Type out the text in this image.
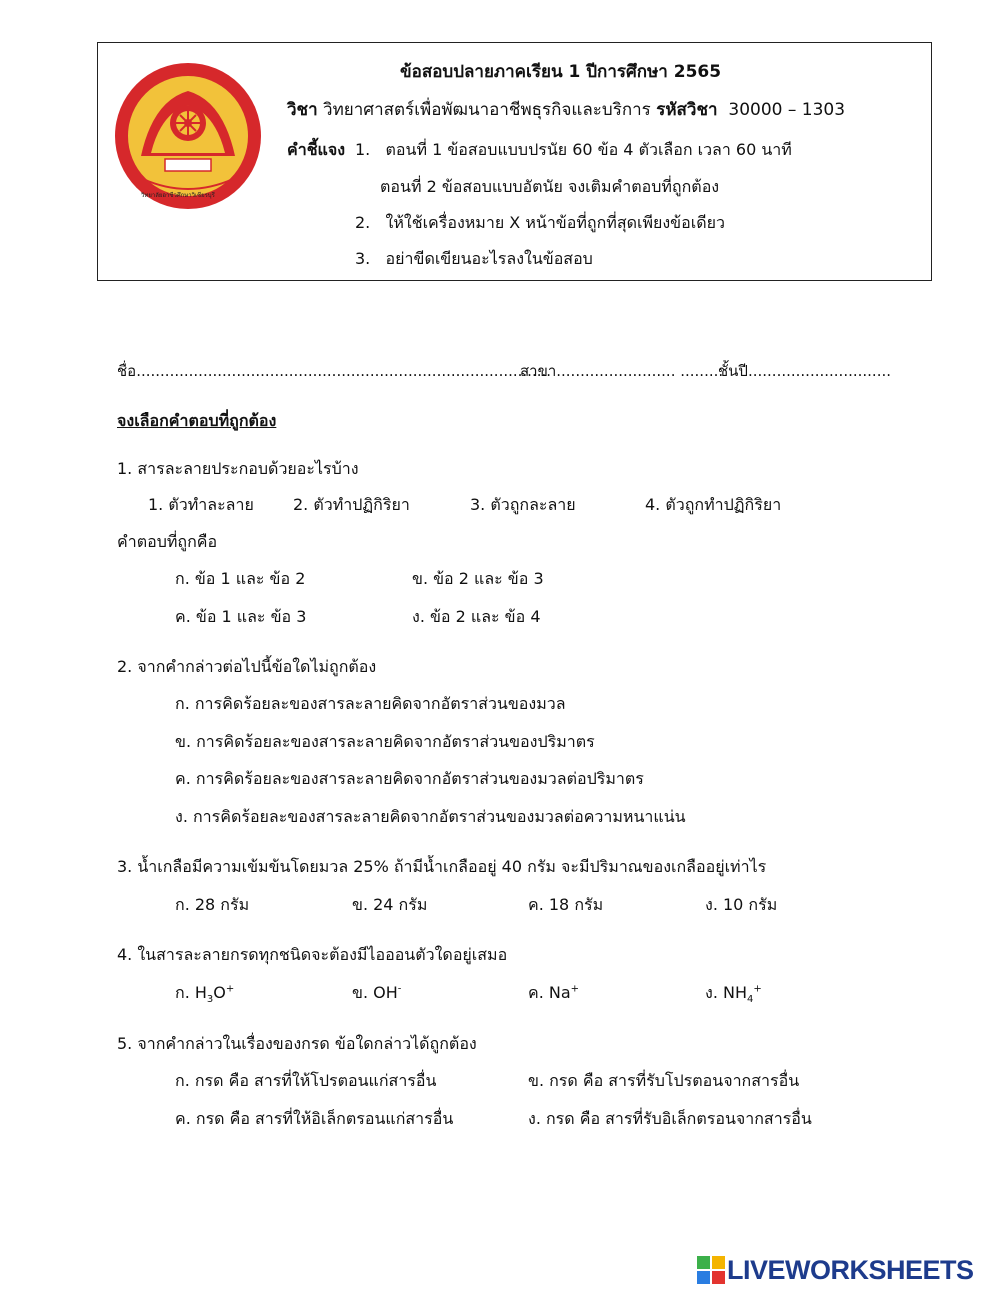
วิทยาลัยอาชีวศึกษาวิเชียรบุรี
ข้อสอบปลายภาคเรียน 1 ปีการศึกษา 2565
วิชา วิทยาศาสตร์เพื่อพัฒนาอาชีพธุรกิจและบริการ รหัสวิชา 30000 – 1303
คำชี้แจง 1. ตอนที่ 1 ข้อสอบแบบปรนัย 60 ข้อ 4 ตัวเลือก เวลา 60 นาที
ตอนที่ 2 ข้อสอบแบบอัตนัย จงเติมคำตอบที่ถูกต้อง
2. ให้ใช้เครื่องหมาย X หน้าข้อที่ถูกที่สุดเพียงข้อเดียว
3. อย่าขีดเขียนอะไรลงในข้อสอบ
ชื่อ.......................................................................................
สาขา......................... .........
ชั้นปี..............................
จงเลือกคำตอบที่ถูกต้อง
1. สารละลายประกอบด้วยอะไรบ้าง
1. ตัวทำละลาย 2. ตัวทำปฏิกิริยา	3. ตัวถูกละลาย	4. ตัวถูกทำปฏิกิริยา
คำตอบที่ถูกคือ
ก. ข้อ 1 และ ข้อ 2	ข. ข้อ 2 และ ข้อ 3
ค. ข้อ 1 และ ข้อ 3	ง. ข้อ 2 และ ข้อ 4
2. จากคำกล่าวต่อไปนี้ข้อใดไม่ถูกต้อง
ก. การคิดร้อยละของสารละลายคิดจากอัตราส่วนของมวล
ข. การคิดร้อยละของสารละลายคิดจากอัตราส่วนของปริมาตร
ค. การคิดร้อยละของสารละลายคิดจากอัตราส่วนของมวลต่อปริมาตร
ง. การคิดร้อยละของสารละลายคิดจากอัตราส่วนของมวลต่อความหนาแน่น
3. น้ำเกลือมีความเข้มข้นโดยมวล 25% ถ้ามีน้ำเกลืออยู่ 40 กรัม จะมีปริมาณของเกลืออยู่เท่าไร
ก. 28 กรัม	ข. 24 กรัม	ค. 18 กรัม	ง. 10 กรัม
4. ในสารละลายกรดทุกชนิดจะต้องมีไอออนตัวใดอยู่เสมอ
ก. $H_3O^+$	ข. OH-	ค. Na+	ง. $NH_4^+$
5. จากคำกล่าวในเรื่องของกรด ข้อใดกล่าวได้ถูกต้อง
ก. กรด คือ สารที่ให้โปรตอนแก่สารอื่น	ข. กรด คือ สารที่รับโปรตอนจากสารอื่น
ค. กรด คือ สารที่ให้อิเล็กตรอนแก่สารอื่น	ง. กรด คือ สารที่รับอิเล็กตรอนจากสารอื่น
LIVEWORKSHEETS
